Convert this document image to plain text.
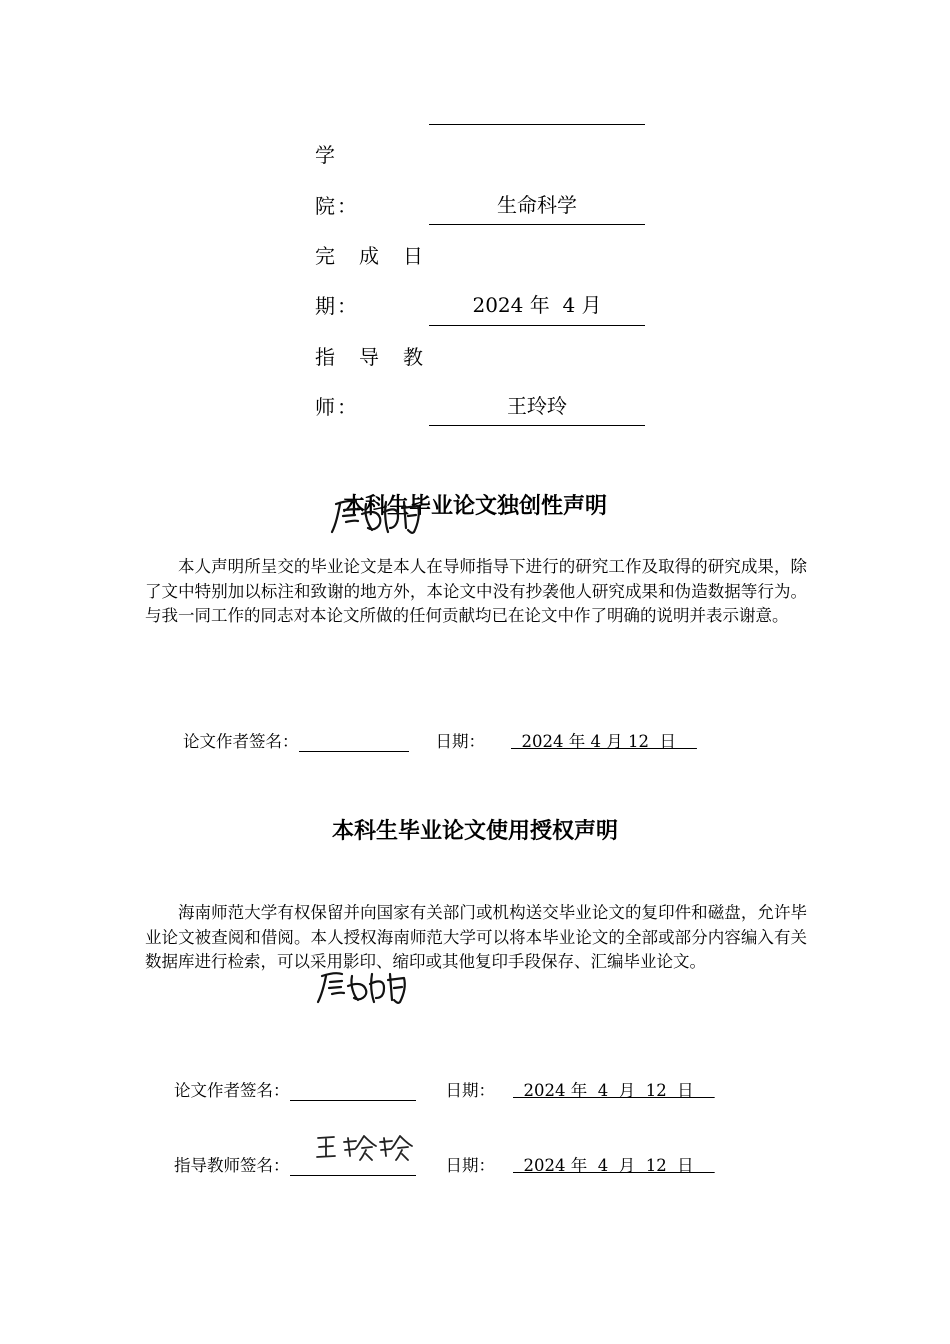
学
院：	生命科学
完　成　日
期：	2024 年  4 月
指　导　教
师：	王玲玲
本科生毕业论文独创性声明
本人声明所呈交的毕业论文是本人在导师指导下进行的研究工作及取得的研究成果，除了文中特别加以标注和致谢的地方外，本论文中没有抄袭他人研究成果和伪造数据等行为。与我一同工作的同志对本论文所做的任何贡献均已在论文中作了明确的说明并表示谢意。
论文作者签名：	日期：  2024 年 4 月 12  日
本科生毕业论文使用授权声明
海南师范大学有权保留并向国家有关部门或机构送交毕业论文的复印件和磁盘，允许毕业论文被查阅和借阅。本人授权海南师范大学可以将本毕业论文的全部或部分内容编入有关数据库进行检索，可以采用影印、缩印或其他复印手段保存、汇编毕业论文。
论文作者签名：	日期：  2024 年  4  月  12  日
指导教师签名：	日期：  2024 年  4  月  12  日
